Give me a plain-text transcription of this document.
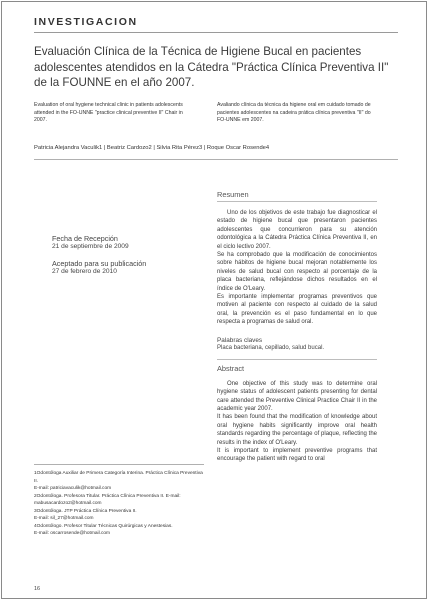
INVESTIGACION
Evaluación Clínica de la Técnica de Higiene Bucal en pacientes adolescentes atendidos en la Cátedra "Práctica Clínica Preventiva II" de la FOUNNE en el año 2007.
Evaluation of oral hygiene technical clinic in patients adolescents attended in the FO-UNNE "practice clinical preventive II" Chair in 2007.
Avaliando clínica da técnica da higiene oral em cuidado tomado de pacientes adolescentes na cadeira prática clínica preventiva "II" do FO-UNNE em 2007.
Patricia Alejandra Vaculik1 | Beatriz Cardozo2 | Silvia Rita Pérez3 | Roque Oscar Rosende4
Fecha de Recepción
21 de septiembre de 2009
Aceptado para su publicación
27 de febrero de 2010
Resumen

Uno de los objetivos de este trabajo fue diagnosticar el estado de higiene bucal que presentaron pacientes adolescentes que concurrieron para su atención odontológica a la Cátedra Práctica Clínica Preventiva II, en el ciclo lectivo 2007.

Se ha comprobado que la modificación de conocimientos sobre hábitos de higiene bucal mejoran notablemente los niveles de salud bucal con respecto al porcentaje de la placa bacteriana, reflejándose dichos resultados en el índice de O'Leary.

Es importante implementar programas preventivos que motiven al paciente con respecto al cuidado de la salud oral, la prevención es el paso fundamental en lo que respecta a programas de salud oral.

Palabras claves
Placa bacteriana, cepillado, salud bucal.
Abstract

One objective of this study was to determine oral hygiene status of adolescent patients presenting for dental care attended the Preventive Clinical Practice Chair II in the academic year 2007.

It has been found that the modification of knowledge about oral hygiene habits significantly improve oral health standards regarding the percentage of plaque, reflecting the results in the index of O'Leary.

It is important to implement preventive programs that encourage the patient with regard to oral

1Odontóloga Auxiliar de Primera Categoría Interina. Práctica Clínica Preventiva II.
E-mail: patriciavaculik@hotmail.com
2Odontóloga. Profesora Titular. Práctica Clínica Preventiva II. E-mail: mabusacardozo2@hotmail.com
3Odontóloga. JTP Práctica Clínica Preventiva II.
E-mail: sil_27@hotmail.com
4Odontólogo. Profesor Titular Técnicas Quirúrgicas y Anestesias.
E-mail: oscarrosende@hotmail.com
16
